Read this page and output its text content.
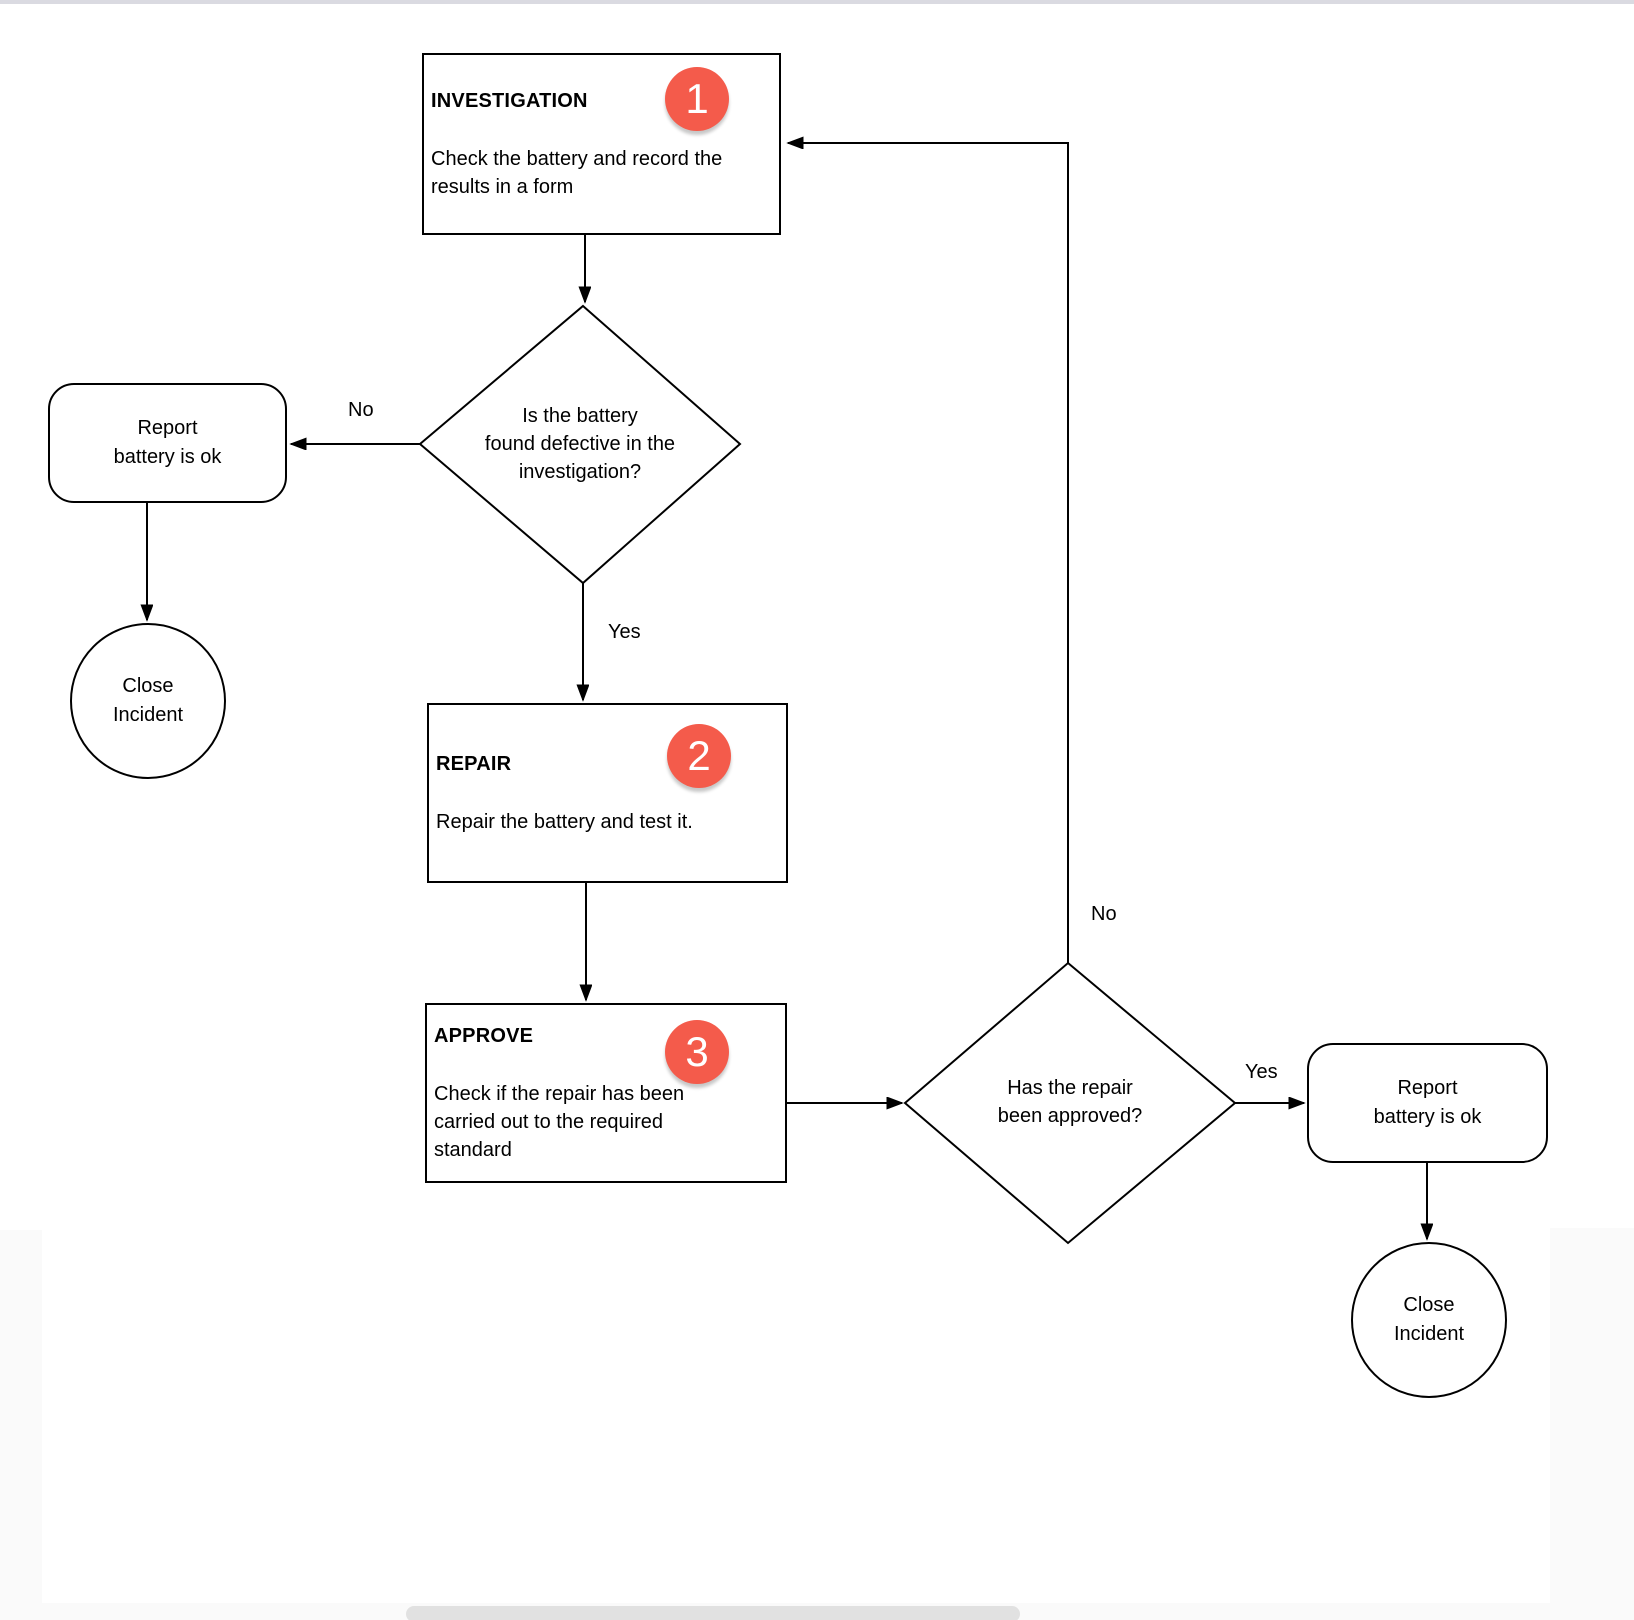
INVESTIGATION
Check the battery and record the
results in a form
REPAIR
Repair the battery and test it.
APPROVE
Check if the repair has been
carried out to the required
standard
1
2
3
Is the battery
found defective in the
investigation?
Has the repair
been approved?
Report
battery is ok
Close
Incident
Report
battery is ok
Close
Incident
No
Yes
No
Yes
